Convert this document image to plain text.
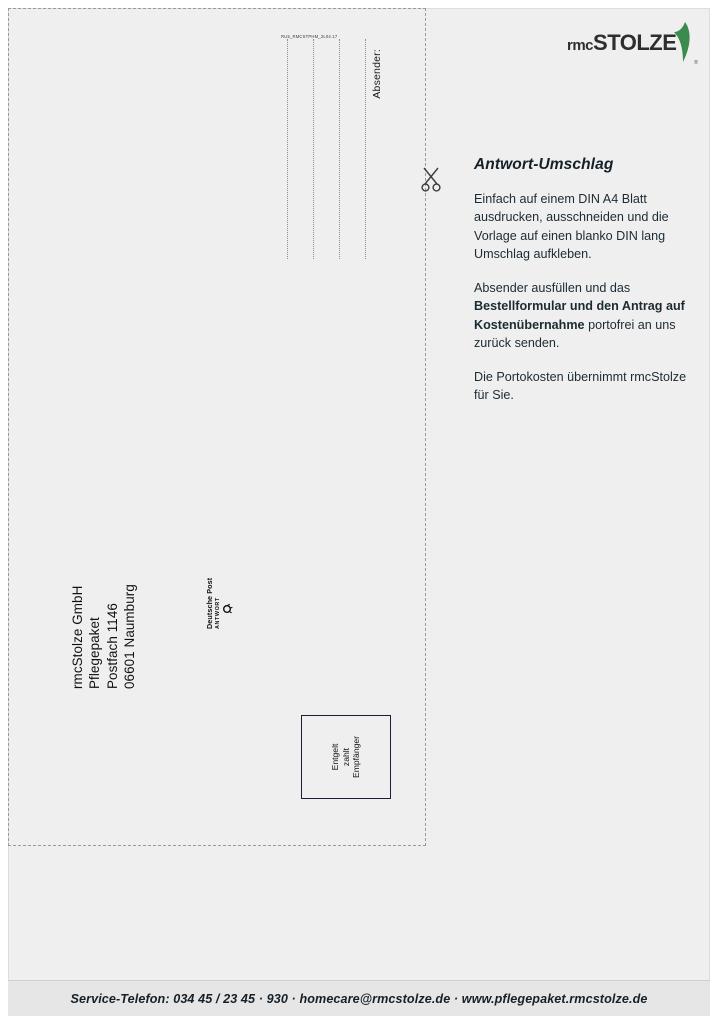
rmcSTOLZE
®
RU5_RMCSTPHM_2L04.17
Absender:
rmcStolze GmbH Pflegepaket Postfach 1146 06601 Naumburg	Deutsche Post ANTWORT
Entgelt zahlt Empfänger
Antwort-Umschlag

Einfach auf einem DIN A4 Blatt ausdrucken, ausschneiden und die Vorlage auf einen blanko DIN lang Umschlag aufkleben.

Absender ausfüllen und das Bestellformular und den Antrag auf Kostenübernahme portofrei an uns zurück senden.

Die Portokosten übernimmt rmcStolze für Sie.

Service-Telefon: 034 45 / 23 45 · 930 · homecare@rmcstolze.de · www.pflegepaket.rmcstolze.de
